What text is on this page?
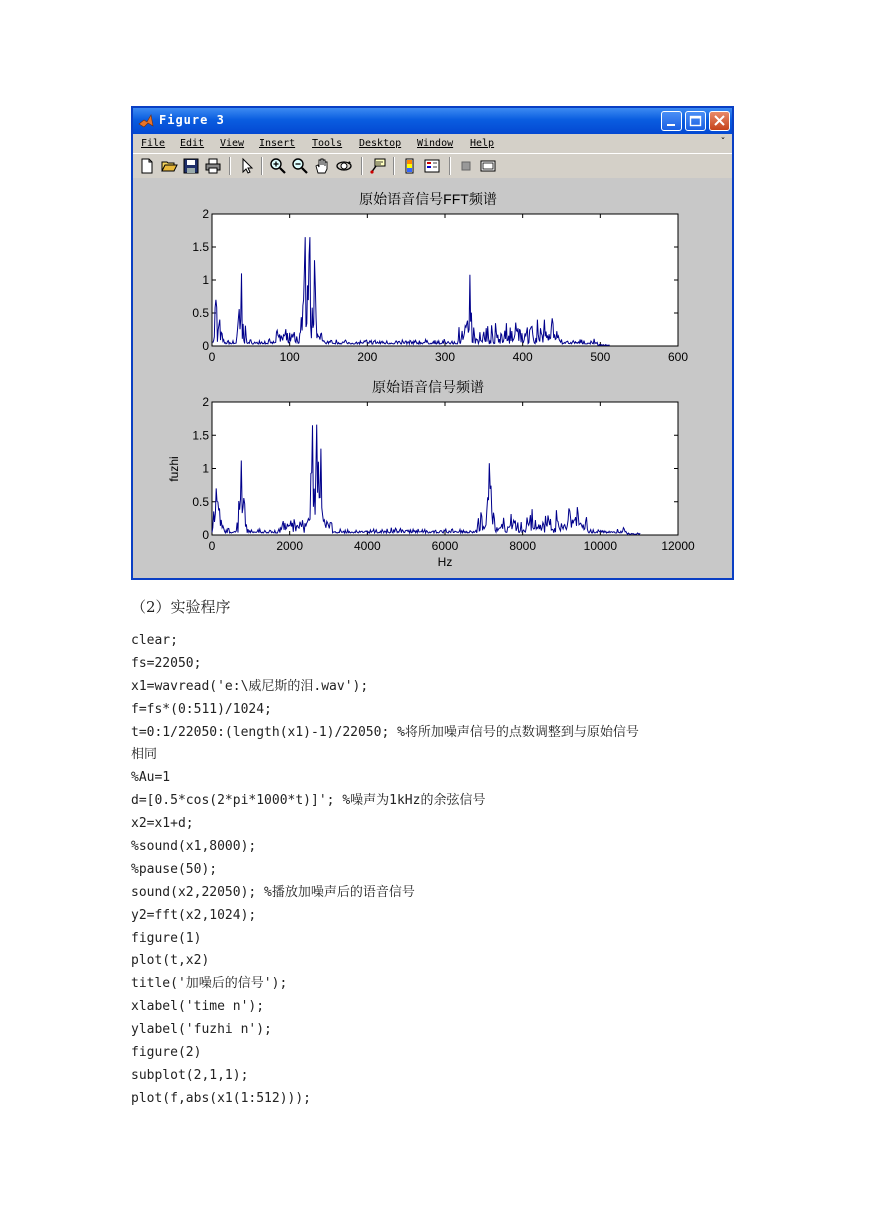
Figure 3
File Edit View Insert Tools Desktop Window Help	ˇ
原始语音信号FFT频谱
0	100	200	300	400	500	600
0
0.5
1
1.5
2
原始语音信号频谱
0	2000	4000	6000	8000	10000	12000
0
0.5
1
1.5
2
Hz
fuzhi
（2）实验程序
clear;
fs=22050;
x1=wavread('e:\威尼斯的泪.wav');
f=fs*(0:511)/1024;
t=0:1/22050:(length(x1)-1)/22050; %将所加噪声信号的点数调整到与原始信号
相同
%Au=1
d=[0.5*cos(2*pi*1000*t)]'; %噪声为1kHz的余弦信号
x2=x1+d;
%sound(x1,8000);
%pause(50);
sound(x2,22050); %播放加噪声后的语音信号
y2=fft(x2,1024);
figure(1)
plot(t,x2)
title('加噪后的信号');
xlabel('time n');
ylabel('fuzhi n');
figure(2)
subplot(2,1,1);
plot(f,abs(x1(1:512)));
